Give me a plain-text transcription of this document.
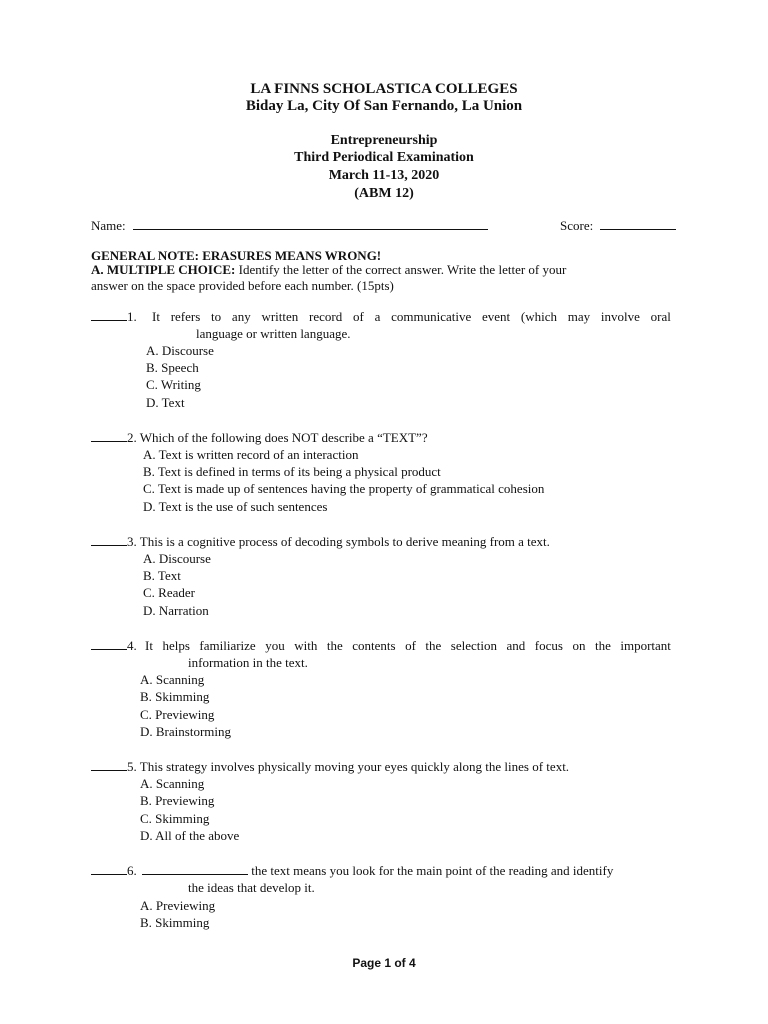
LA FINNS SCHOLASTICA COLLEGES
Biday La, City Of San Fernando, La Union
Entrepreneurship
Third Periodical Examination
March 11-13, 2020
(ABM 12)
Name:	Score:
GENERAL NOTE: ERASURES MEANS WRONG!
A. MULTIPLE CHOICE: Identify the letter of the correct answer. Write the letter of your
answer on the space provided before each number. (15pts)
1. It refers to any written record of a communicative event (which may involve oral
language or written language.
A. Discourse
B. Speech
C. Writing
D. Text
2. Which of the following does NOT describe a “TEXT”?
A. Text is written record of an interaction
B. Text is defined in terms of its being a physical product
C. Text is made up of sentences having the property of grammatical cohesion
D. Text is the use of such sentences
3. This is a cognitive process of decoding symbols to derive meaning from a text.
A. Discourse
B. Text
C. Reader
D. Narration
4. It helps familiarize you with the contents of the selection and focus on the important
information in the text.
A. Scanning
B. Skimming
C. Previewing
D. Brainstorming
5. This strategy involves physically moving your eyes quickly along the lines of text.
A. Scanning
B. Previewing
C. Skimming
D. All of the above
6.	the text means you look for the main point of the reading and identify
the ideas that develop it.
A. Previewing
B. Skimming
Page 1 of 4
